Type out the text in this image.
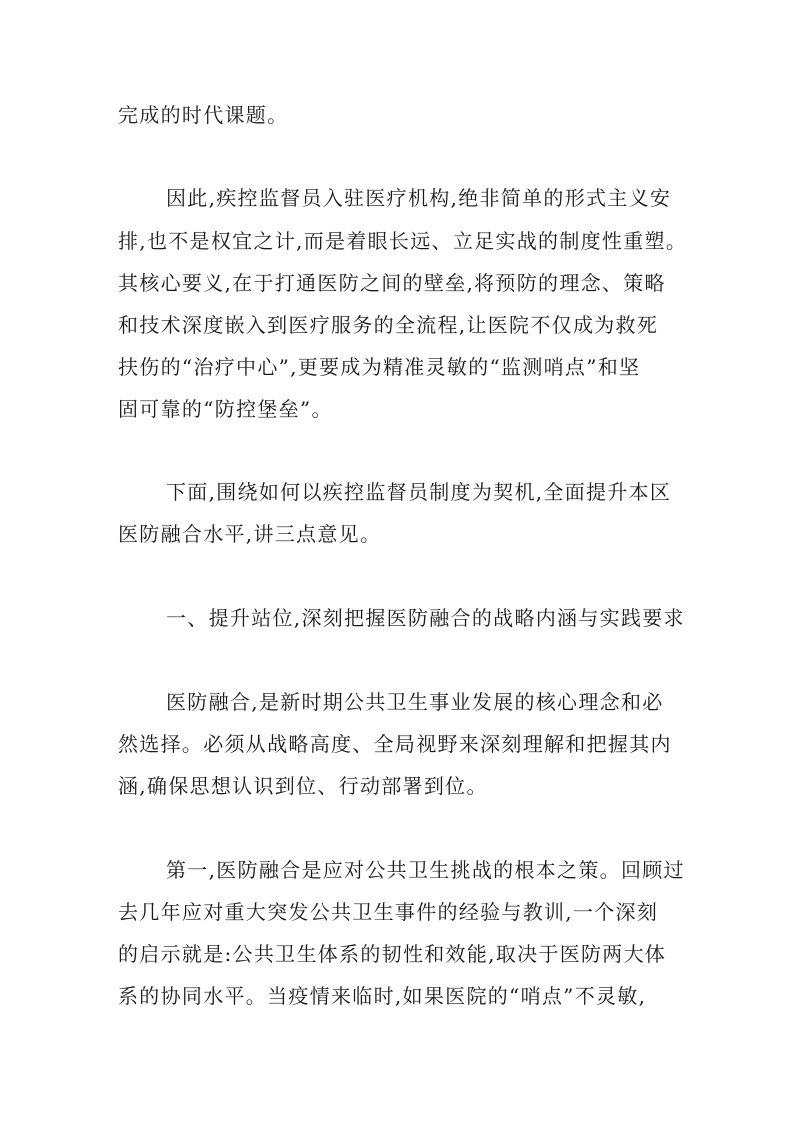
完成的时代课题。

因此,疾控监督员入驻医疗机构,绝非简单的形式主义安

排,也不是权宜之计,而是着眼长远、立足实战的制度性重塑。

其核心要义,在于打通医防之间的壁垒,将预防的理念、策略

和技术深度嵌入到医疗服务的全流程,让医院不仅成为救死

扶伤的“治疗中心”,更要成为精准灵敏的“监测哨点”和坚

固可靠的“防控堡垒”。

下面,围绕如何以疾控监督员制度为契机,全面提升本区

医防融合水平,讲三点意见。

一、提升站位,深刻把握医防融合的战略内涵与实践要求

医防融合,是新时期公共卫生事业发展的核心理念和必

然选择。必须从战略高度、全局视野来深刻理解和把握其内

涵,确保思想认识到位、行动部署到位。

第一,医防融合是应对公共卫生挑战的根本之策。回顾过

去几年应对重大突发公共卫生事件的经验与教训,一个深刻

的启示就是:公共卫生体系的韧性和效能,取决于医防两大体

系的协同水平。当疫情来临时,如果医院的“哨点”不灵敏,
